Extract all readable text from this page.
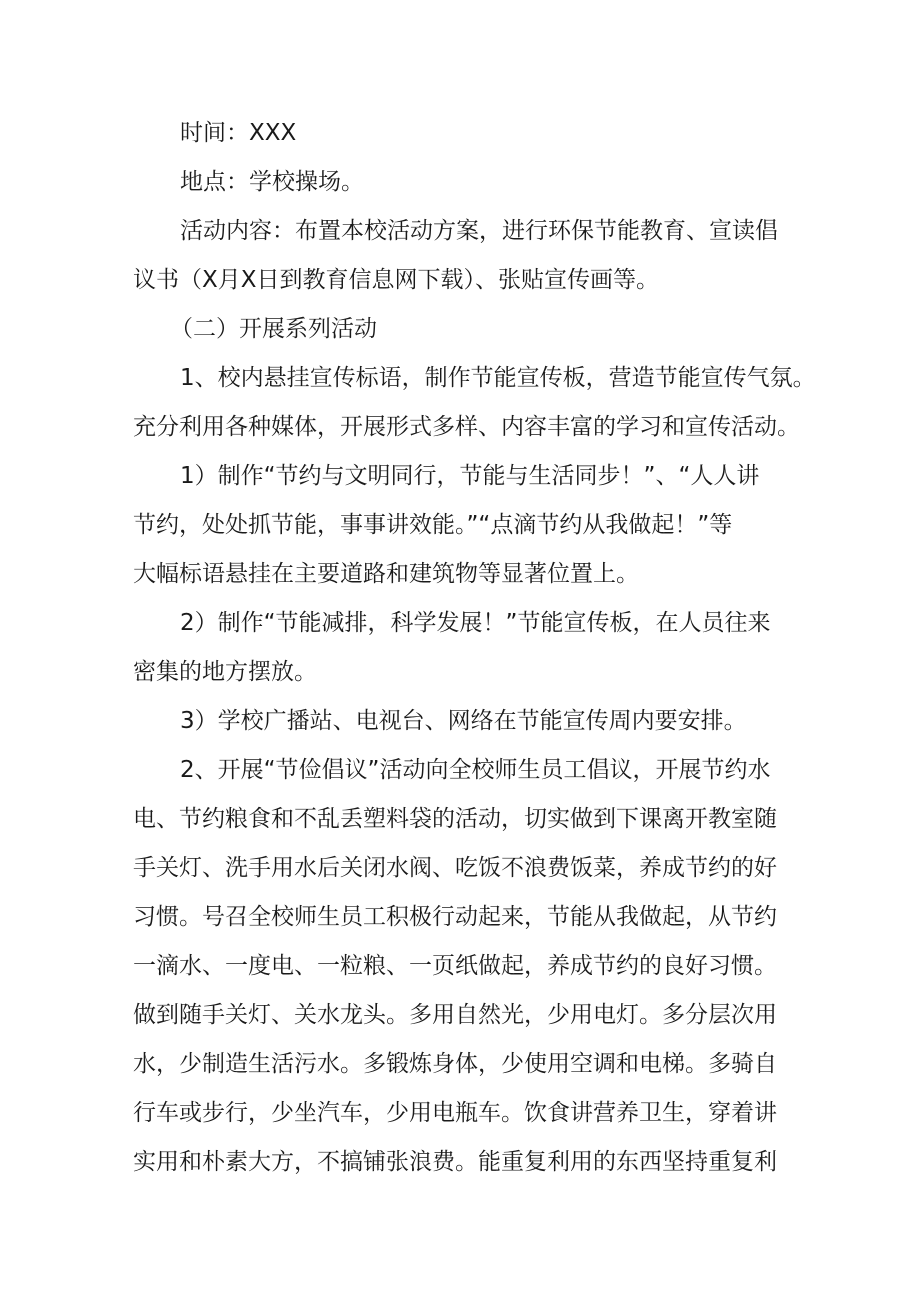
时间：XXX
地点：学校操场。
活动内容：布置本校活动方案，进行环保节能教育、宣读倡
议书（X月X日到教育信息网下载）、张贴宣传画等。
（二）开展系列活动
1、校内悬挂宣传标语，制作节能宣传板，营造节能宣传气氛。
充分利用各种媒体，开展形式多样、内容丰富的学习和宣传活动。
1）制作“节约与文明同行，节能与生活同步！”、“人人讲
节约，处处抓节能，事事讲效能。”“点滴节约从我做起！”等
大幅标语悬挂在主要道路和建筑物等显著位置上。
2）制作“节能减排，科学发展！”节能宣传板，在人员往来
密集的地方摆放。
3）学校广播站、电视台、网络在节能宣传周内要安排。
2、开展“节俭倡议”活动向全校师生员工倡议，开展节约水
电、节约粮食和不乱丢塑料袋的活动，切实做到下课离开教室随
手关灯、洗手用水后关闭水阀、吃饭不浪费饭菜，养成节约的好
习惯。号召全校师生员工积极行动起来，节能从我做起，从节约
一滴水、一度电、一粒粮、一页纸做起，养成节约的良好习惯。
做到随手关灯、关水龙头。多用自然光，少用电灯。多分层次用
水，少制造生活污水。多锻炼身体，少使用空调和电梯。多骑自
行车或步行，少坐汽车，少用电瓶车。饮食讲营养卫生，穿着讲
实用和朴素大方，不搞铺张浪费。能重复利用的东西坚持重复利
